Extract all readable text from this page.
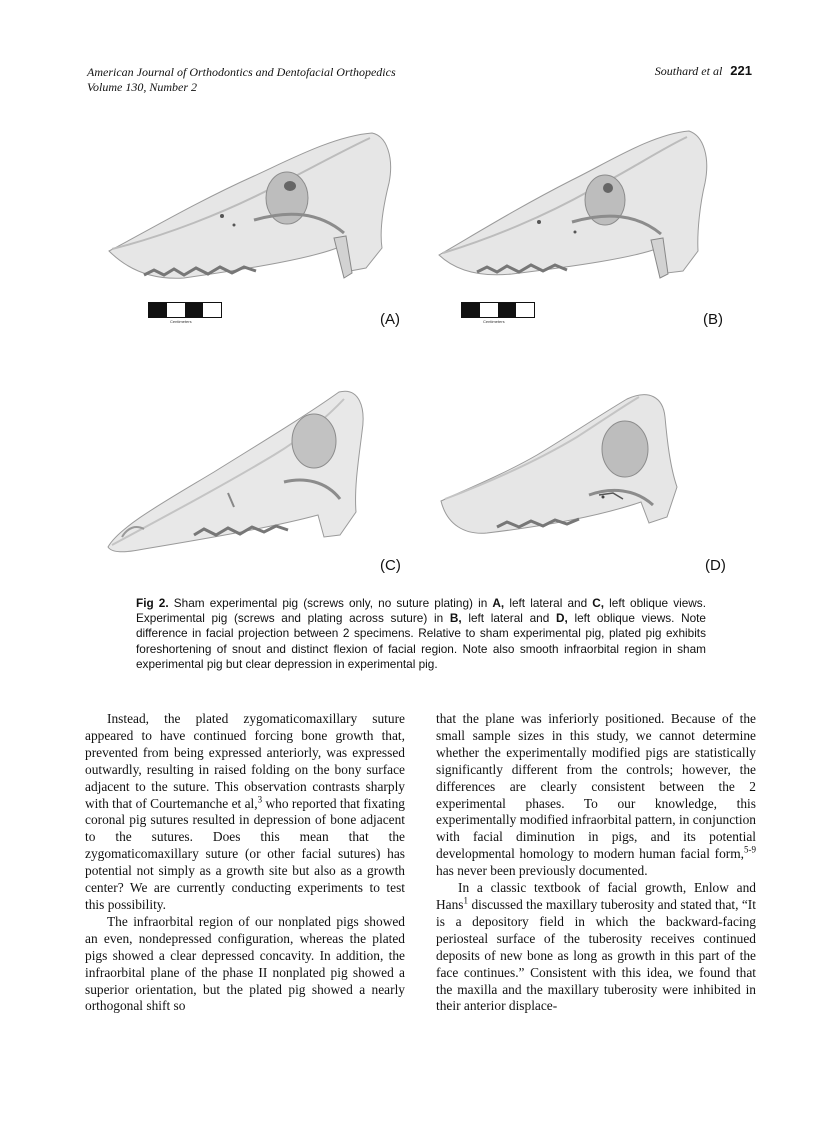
American Journal of Orthodontics and Dentofacial Orthopedics
Volume 130, Number 2
Southard et al 221
Centimeters	(A)	Centimeters	(B)
(C)	(D)
Fig 2. Sham experimental pig (screws only, no suture plating) in A, left lateral and C, left oblique views. Experimental pig (screws and plating across suture) in B, left lateral and D, left oblique views. Note difference in facial projection between 2 specimens. Relative to sham experimental pig, plated pig exhibits foreshortening of snout and distinct flexion of facial region. Note also smooth infraorbital region in sham experimental pig but clear depression in experimental pig.

Instead, the plated zygomaticomaxillary suture appeared to have continued forcing bone growth that, prevented from being expressed anteriorly, was expressed outwardly, resulting in raised folding on the bony surface adjacent to the suture. This observation contrasts sharply with that of Courtemanche et al,$^3$ who reported that fixating coronal pig sutures resulted in depression of bone adjacent to the sutures. Does this mean that the zygomaticomaxillary suture (or other facial sutures) has potential not simply as a growth site but also as a growth center? We are currently conducting experiments to test this possibility.

The infraorbital region of our nonplated pigs showed an even, nondepressed configuration, whereas the plated pigs showed a clear depressed concavity. In addition, the infraorbital plane of the phase II nonplated pig showed a superior orientation, but the plated pig showed a nearly orthogonal shift so

that the plane was inferiorly positioned. Because of the small sample sizes in this study, we cannot determine whether the experimentally modified pigs are statistically significantly different from the controls; however, the differences are clearly consistent between the 2 experimental phases. To our knowledge, this experimentally modified infraorbital pattern, in conjunction with facial diminution in pigs, and its potential developmental homology to modern human facial form,$^{5-9}$ has never been previously documented.

In a classic textbook of facial growth, Enlow and Hans$^1$ discussed the maxillary tuberosity and stated that, “It is a depository field in which the backward-facing periosteal surface of the tuberosity receives continued deposits of new bone as long as growth in this part of the face continues.” Consistent with this idea, we found that the maxilla and the maxillary tuberosity were inhibited in their anterior displace-
